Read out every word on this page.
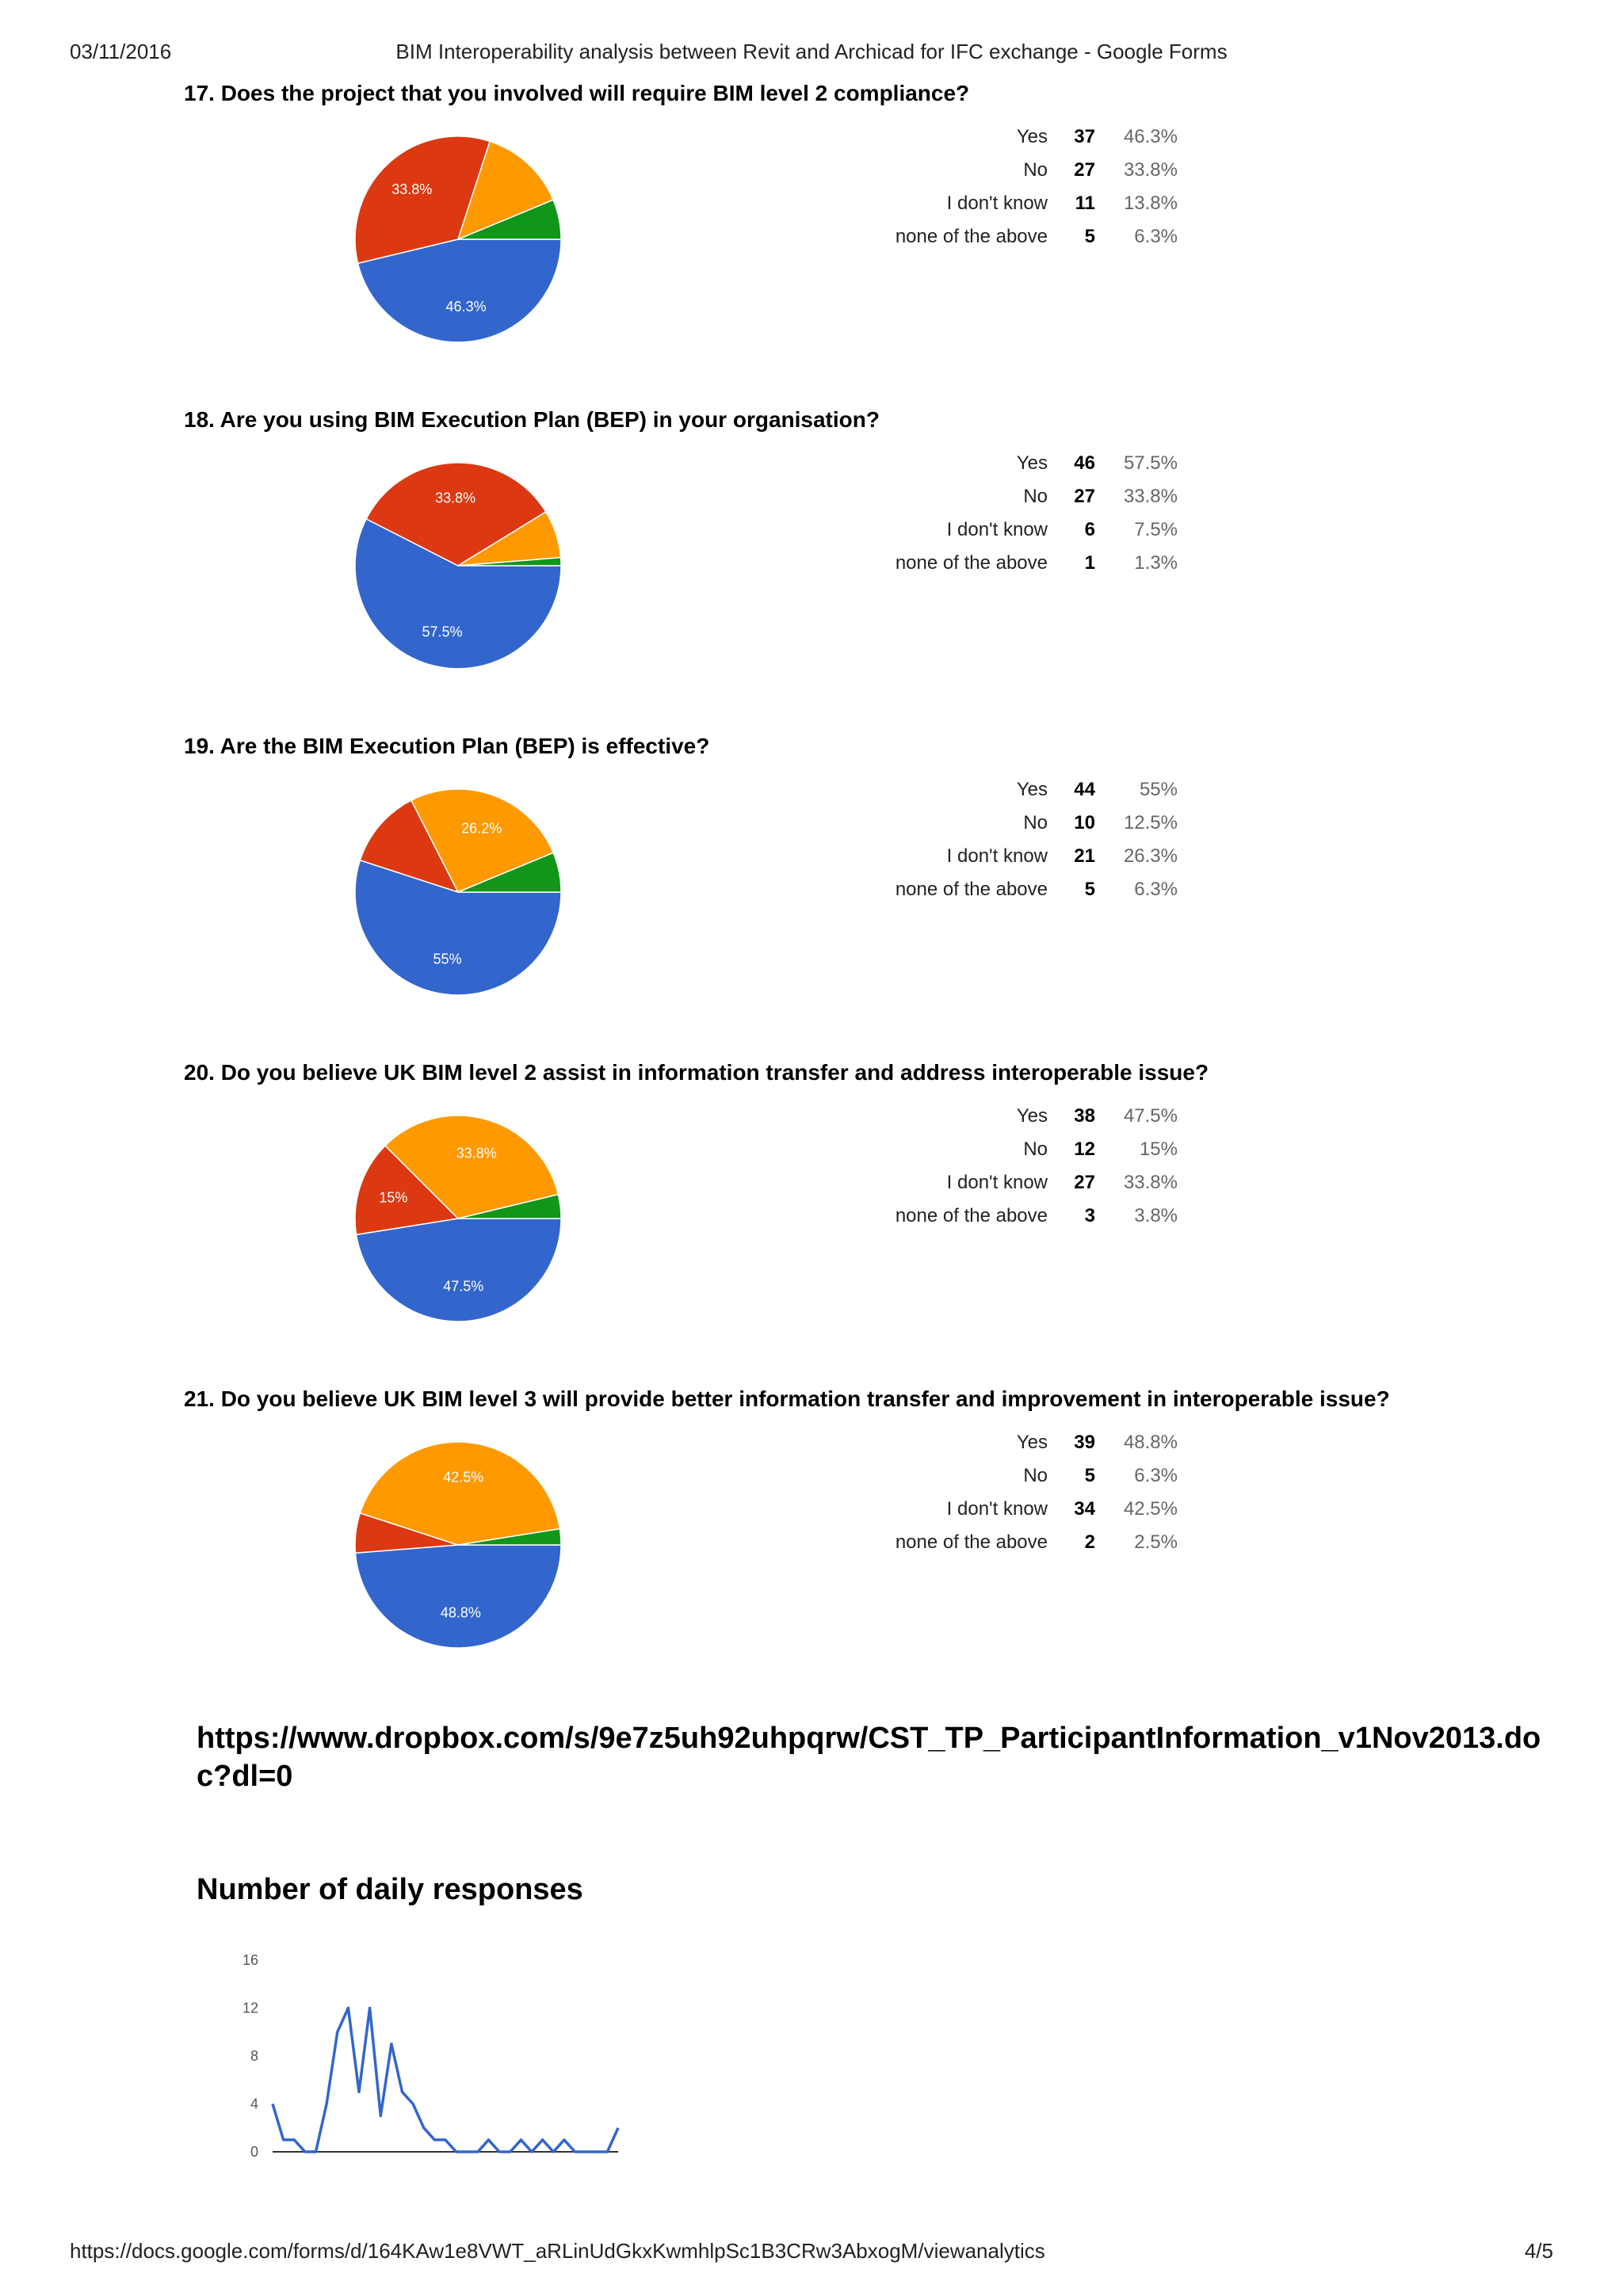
03/11/2016	BIM Interoperability analysis between Revit and Archicad for IFC exchange - Google Forms
17. Does the project that you involved will require BIM level 2 compliance?
46.3%
33.8%
Yes	37	46.3%
No	27	33.8%
I don't know	11	13.8%
none of the above	5	6.3%
18. Are you using BIM Execution Plan (BEP) in your organisation?
57.5%
33.8%
Yes	46	57.5%
No	27	33.8%
I don't know	6	7.5%
none of the above	1	1.3%
19. Are the BIM Execution Plan (BEP) is effective?
55%
26.2%
Yes	44	55%
No	10	12.5%
I don't know	21	26.3%
none of the above	5	6.3%
20. Do you believe UK BIM level 2 assist in information transfer and address interoperable issue?
47.5%
15%
33.8%
Yes	38	47.5%
No	12	15%
I don't know	27	33.8%
none of the above	3	3.8%
21. Do you believe UK BIM level 3 will provide better information transfer and improvement in interoperable issue?
48.8%
42.5%
Yes	39	48.8%
No	5	6.3%
I don't know	34	42.5%
none of the above	2	2.5%
https://www.dropbox.com/s/9e7z5uh92uhpqrw/CST_TP_ParticipantInformation_v1Nov2013.doc?dl=0
Number of daily responses
0
4
8
12
16
https://docs.google.com/forms/d/164KAw1e8VWT_aRLinUdGkxKwmhlpSc1B3CRw3AbxogM/viewanalytics	4/5
